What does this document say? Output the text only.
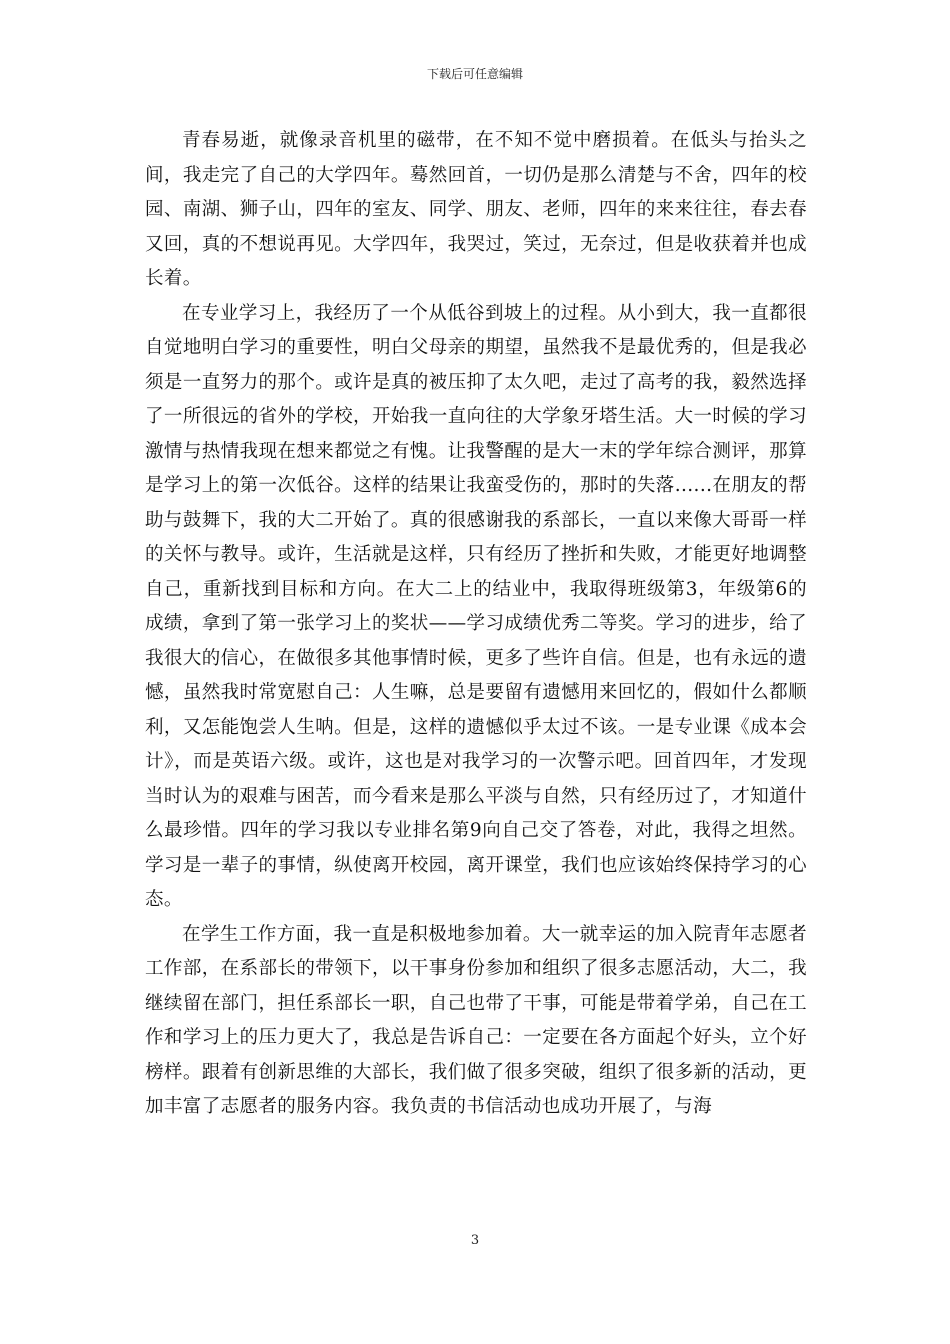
下载后可任意编辑

青春易逝，就像录音机里的磁带，在不知不觉中磨损着。在低头与抬头之间，我走完了自己的大学四年。蓦然回首，一切仍是那么清楚与不舍，四年的校园、南湖、狮子山，四年的室友、同学、朋友、老师，四年的来来往往，春去春又回，真的不想说再见。大学四年，我哭过，笑过，无奈过，但是收获着并也成长着。

在专业学习上，我经历了一个从低谷到坡上的过程。从小到大，我一直都很自觉地明白学习的重要性，明白父母亲的期望，虽然我不是最优秀的，但是我必须是一直努力的那个。或许是真的被压抑了太久吧，走过了高考的我，毅然选择了一所很远的省外的学校，开始我一直向往的大学象牙塔生活。大一时候的学习激情与热情我现在想来都觉之有愧。让我警醒的是大一末的学年综合测评，那算是学习上的第一次低谷。这样的结果让我蛮受伤的，那时的失落......在朋友的帮助与鼓舞下，我的大二开始了。真的很感谢我的系部长，一直以来像大哥哥一样的关怀与教导。或许，生活就是这样，只有经历了挫折和失败，才能更好地调整自己，重新找到目标和方向。在大二上的结业中，我取得班级第3，年级第6的成绩，拿到了第一张学习上的奖状——学习成绩优秀二等奖。学习的进步，给了我很大的信心，在做很多其他事情时候，更多了些许自信。但是，也有永远的遗憾，虽然我时常宽慰自己：人生嘛，总是要留有遗憾用来回忆的，假如什么都顺利，又怎能饱尝人生呐。但是，这样的遗憾似乎太过不该。一是专业课《成本会计》，而是英语六级。或许，这也是对我学习的一次警示吧。回首四年，才发现当时认为的艰难与困苦，而今看来是那么平淡与自然，只有经历过了，才知道什么最珍惜。四年的学习我以专业排名第9向自己交了答卷，对此，我得之坦然。学习是一辈子的事情，纵使离开校园，离开课堂，我们也应该始终保持学习的心态。

在学生工作方面，我一直是积极地参加着。大一就幸运的加入院青年志愿者工作部，在系部长的带领下，以干事身份参加和组织了很多志愿活动，大二，我继续留在部门，担任系部长一职，自己也带了干事，可能是带着学弟，自己在工作和学习上的压力更大了，我总是告诉自己：一定要在各方面起个好头，立个好榜样。跟着有创新思维的大部长，我们做了很多突破，组织了很多新的活动，更加丰富了志愿者的服务内容。我负责的书信活动也成功开展了，与海

3
